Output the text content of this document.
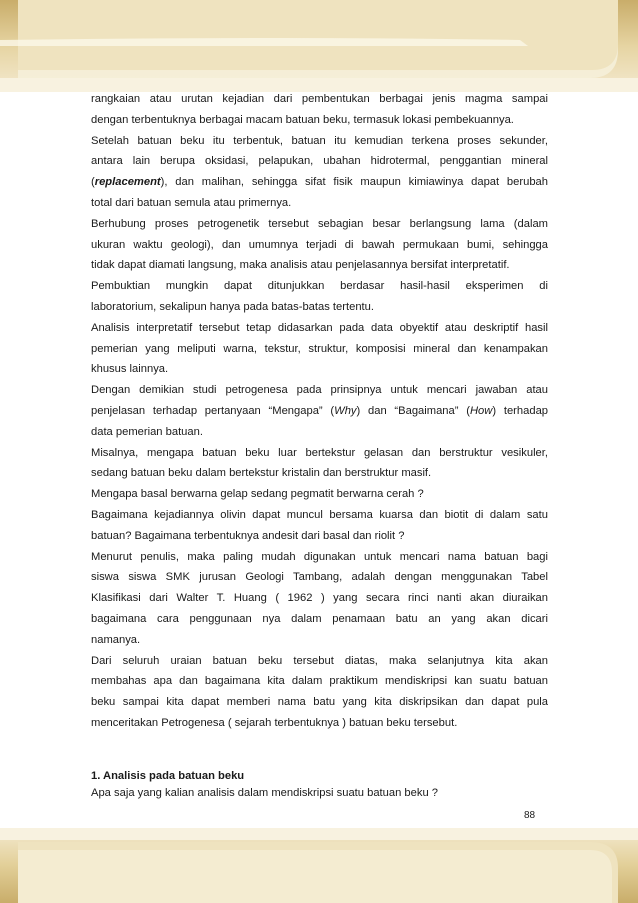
rangkaian atau urutan kejadian dari pembentukan berbagai jenis magma sampai
dengan terbentuknya berbagai macam batuan beku, termasuk lokasi pembekuannya.

Setelah batuan beku itu terbentuk, batuan itu kemudian terkena proses sekunder,
antara lain berupa oksidasi, pelapukan, ubahan hidrotermal, penggantian mineral
(replacement), dan malihan, sehingga sifat fisik maupun kimiawinya dapat berubah
total dari batuan semula atau primernya.

Berhubung proses petrogenetik tersebut sebagian besar berlangsung lama (dalam
ukuran waktu geologi), dan umumnya terjadi di bawah permukaan bumi, sehingga
tidak dapat diamati langsung, maka analisis atau penjelasannya bersifat interpretatif.

Pembuktian mungkin dapat ditunjukkan berdasar hasil-hasil eksperimen di
laboratorium, sekalipun hanya pada batas-batas tertentu.

Analisis interpretatif tersebut tetap didasarkan pada data obyektif atau deskriptif hasil
pemerian yang meliputi warna, tekstur, struktur, komposisi mineral dan kenampakan
khusus lainnya.

Dengan demikian studi petrogenesa pada prinsipnya untuk mencari jawaban atau
penjelasan terhadap pertanyaan “Mengapa” (Why) dan “Bagaimana” (How) terhadap
data pemerian batuan.

Misalnya, mengapa batuan beku luar bertekstur gelasan dan berstruktur vesikuler,
sedang batuan beku dalam bertekstur kristalin dan berstruktur masif.

Mengapa basal berwarna gelap sedang pegmatit berwarna cerah ?

Bagaimana kejadiannya olivin dapat muncul bersama kuarsa dan biotit di dalam satu
batuan? Bagaimana terbentuknya andesit dari basal dan riolit ?

Menurut penulis, maka paling mudah digunakan untuk mencari nama batuan bagi
siswa siswa SMK jurusan Geologi Tambang, adalah dengan menggunakan Tabel
Klasifikasi dari Walter T. Huang ( 1962 ) yang secara rinci nanti akan diuraikan
bagaimana cara penggunaan nya dalam penamaan batu an yang akan dicari
namanya.

Dari seluruh uraian batuan beku tersebut diatas, maka selanjutnya kita akan
membahas apa dan bagaimana kita dalam praktikum mendiskripsi kan suatu batuan
beku sampai kita dapat memberi nama batu yang kita diskripsikan dan dapat pula
menceritakan Petrogenesa ( sejarah terbentuknya ) batuan beku tersebut.

1. Analisis pada batuan beku
Apa saja yang kalian analisis dalam mendiskripsi suatu batuan beku ?
88
